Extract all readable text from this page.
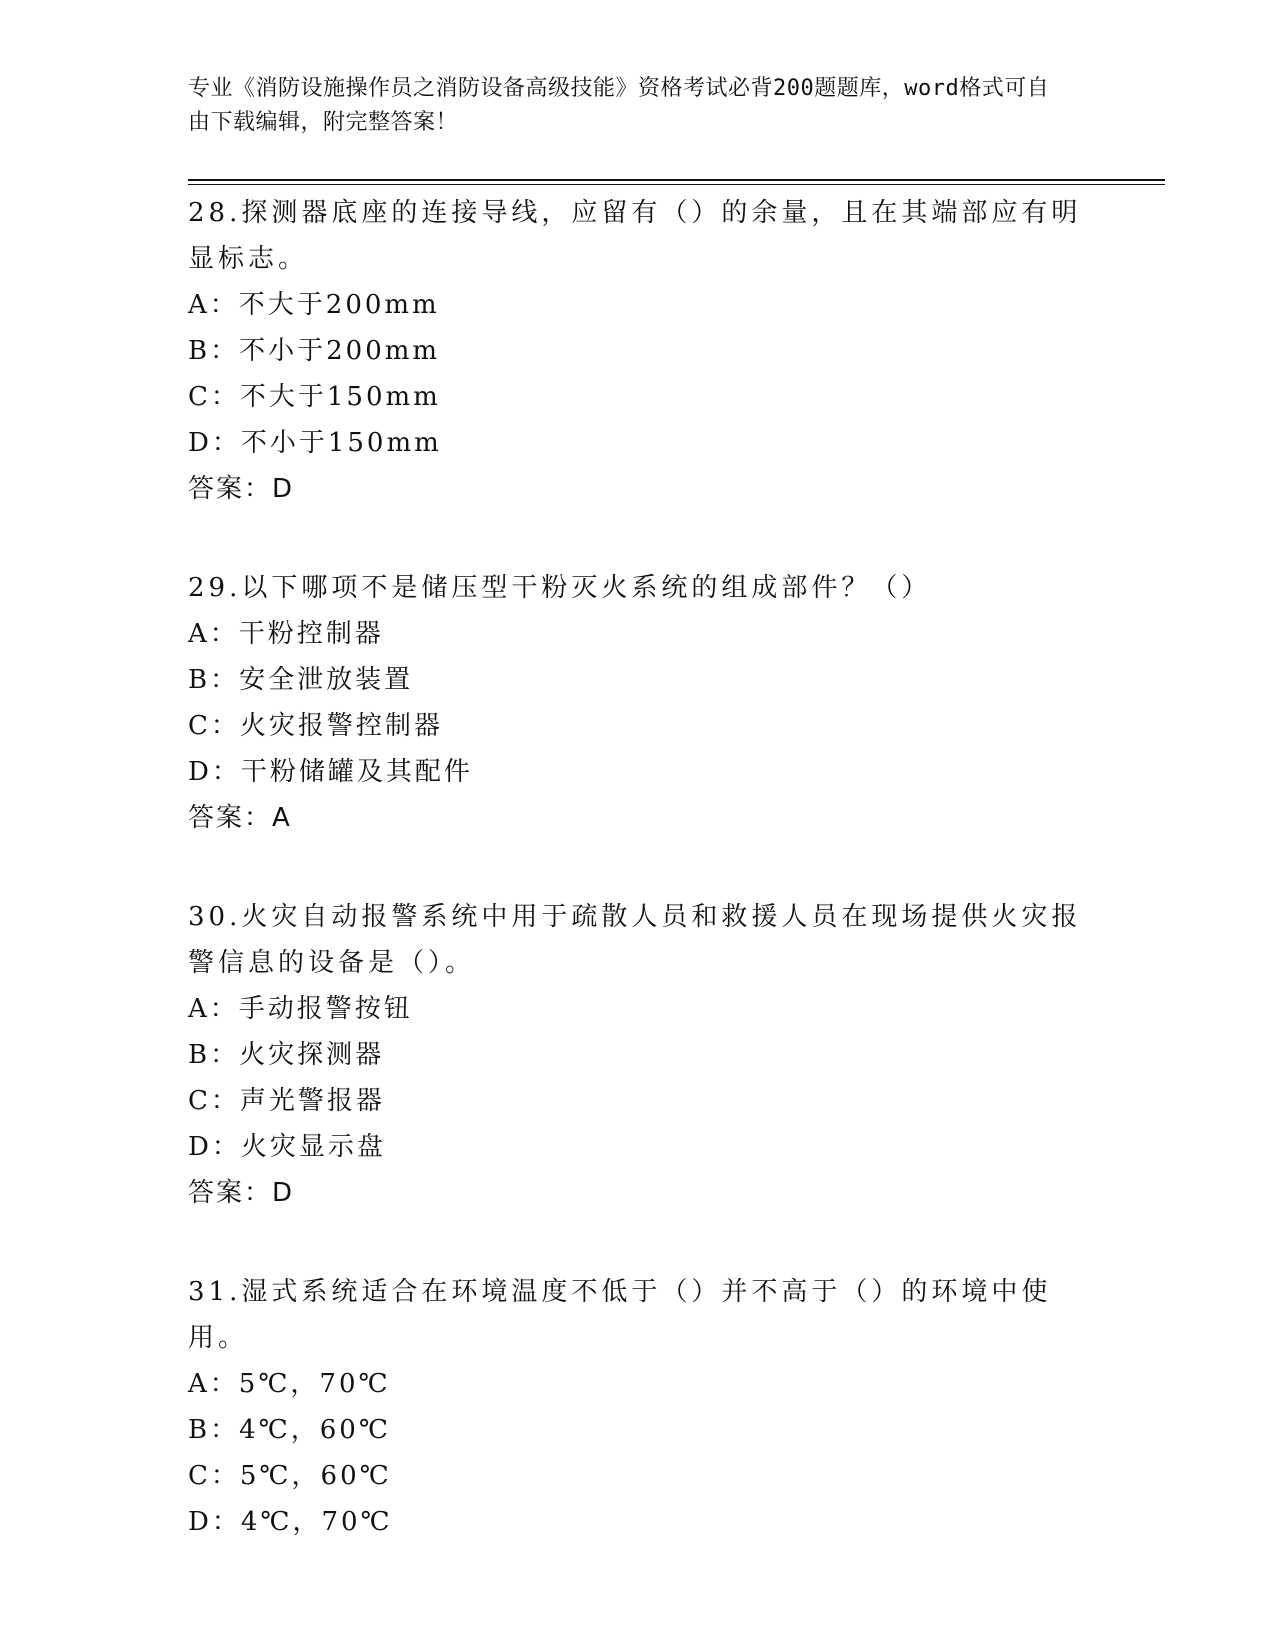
专业《消防设施操作员之消防设备高级技能》资格考试必背200题题库，word格式可自由下载编辑，附完整答案！

28.探测器底座的连接导线，应留有（）的余量，且在其端部应有明显标志。

A：不大于200mm

B：不小于200mm

C：不大于150mm

D：不小于150mm

答案：D

29.以下哪项不是储压型干粉灭火系统的组成部件？（）

A：干粉控制器

B：安全泄放装置

C：火灾报警控制器

D：干粉储罐及其配件

答案：A

30.火灾自动报警系统中用于疏散人员和救援人员在现场提供火灾报警信息的设备是（）。

A：手动报警按钮

B：火灾探测器

C：声光警报器

D：火灾显示盘

答案：D

31.湿式系统适合在环境温度不低于（）并不高于（）的环境中使用。

A：5℃，70℃

B：4℃，60℃

C：5℃，60℃

D：4℃，70℃
